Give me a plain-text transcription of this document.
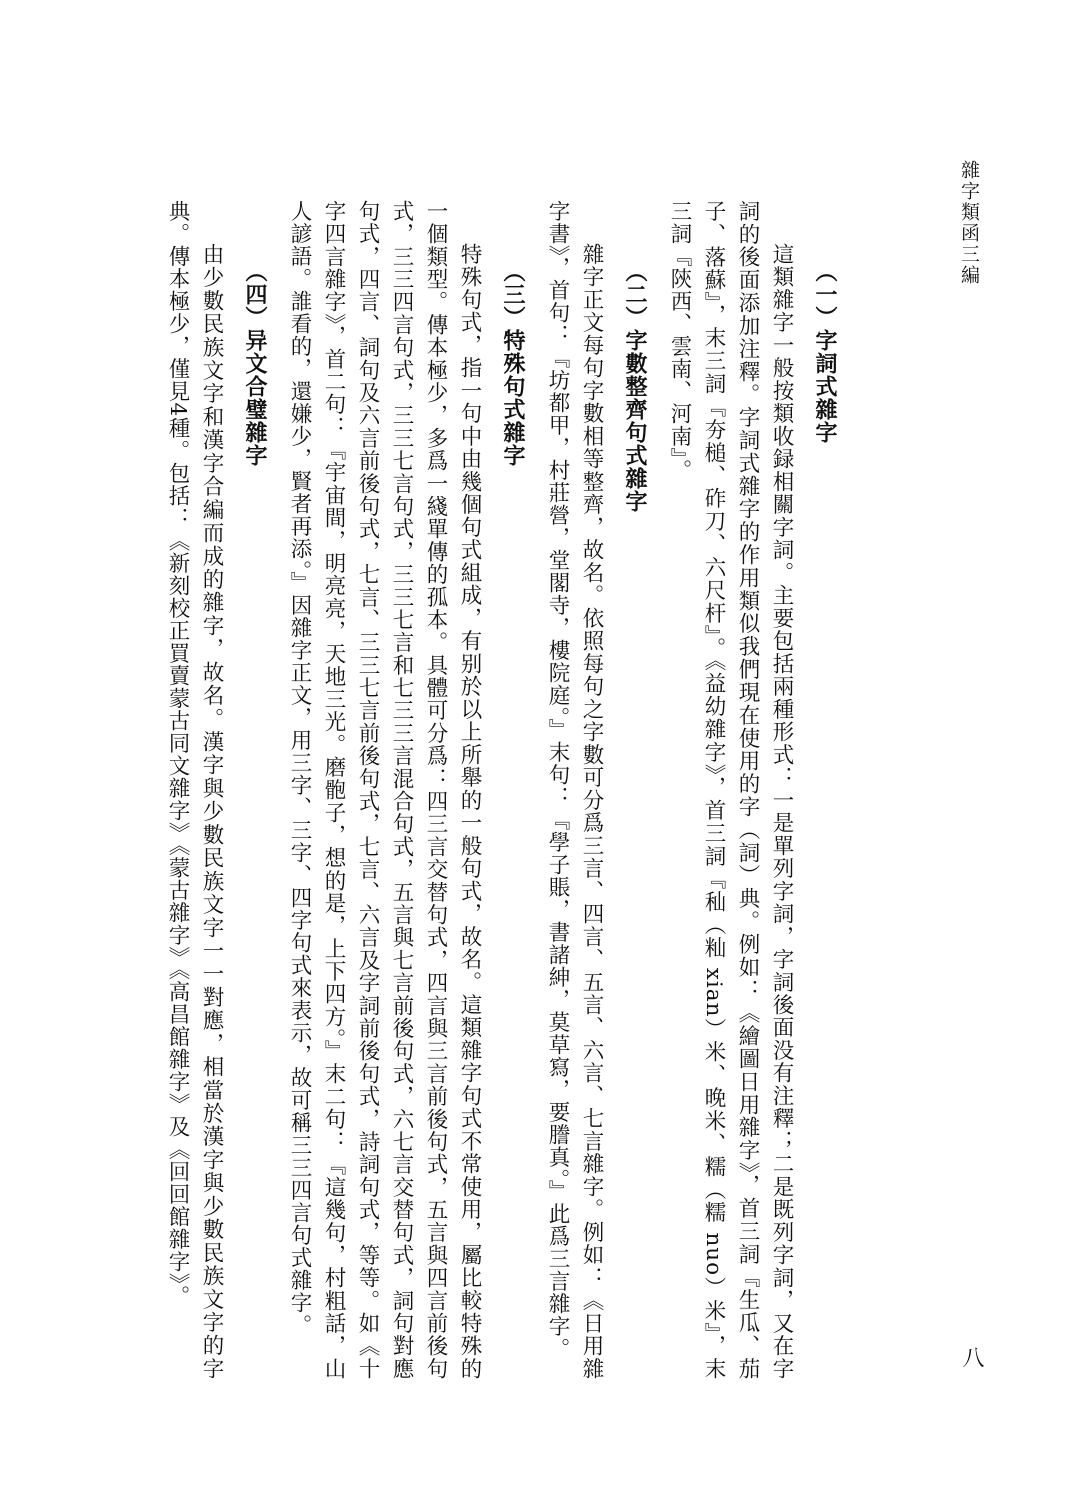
雜字類函三編
八
（一）字詞式雜字

這類雜字一般按類收録相關字詞。主要包括兩種形式：一是單列字詞，字詞後面没有注釋；二是既列字詞，又在字詞的後面添加注釋。字詞式雜字的作用類似我們現在使用的字（詞）典。例如：《繪圖日用雜字》，首三詞『生瓜、茄子、落蘇』，末三詞『夯槌、砟刀、六尺杆』。《益幼雜字》，首三詞『秈（籼 xian）米、晚米、糯（糯 nuo）米』，末三詞『陝西、雲南、河南』。

（二）字數整齊句式雜字

雜字正文每句字數相等整齊，故名。依照每句之字數可分爲三言、四言、五言、六言、七言雜字。例如：《日用雜字書》，首句：『坊都甲，村莊營，堂閣寺，樓院庭。』末句：『學子賬，書諸紳，莫草寫，要謄真。』此爲三言雜字。

（三）特殊句式雜字

特殊句式，指一句中由幾個句式組成，有别於以上所舉的一般句式，故名。這類雜字句式不常使用，屬比較特殊的一個類型。傳本極少，多爲一綫單傳的孤本。具體可分爲：四三言交替句式，四言與三言前後句式，五言與四言前後句式，三三四言句式，三三七言句式，三三七言和七三三言混合句式，五言與七言前後句式，六七言交替句式，詞句對應句式，四言、詞句及六言前後句式，七言、三三七言前後句式，七言、六言及字詞前後句式，詩詞句式，等等。如《十字四言雜字》，首二句：『宇宙間，明亮亮，天地三光。磨骲子，想的是，上下四方。』末二句：『這幾句，村粗話，山人諺語。誰看的，還嫌少，賢者再添。』因雜字正文，用三字、三字、四字句式來表示，故可稱三三四言句式雜字。

（四）异文合璧雜字

由少數民族文字和漢字合編而成的雜字，故名。漢字與少數民族文字一一對應，相當於漢字與少數民族文字的字典。傳本極少，僅見4種。包括：《新刻校正買賣蒙古同文雜字》《蒙古雜字》《高昌館雜字》及《回回館雜字》。
